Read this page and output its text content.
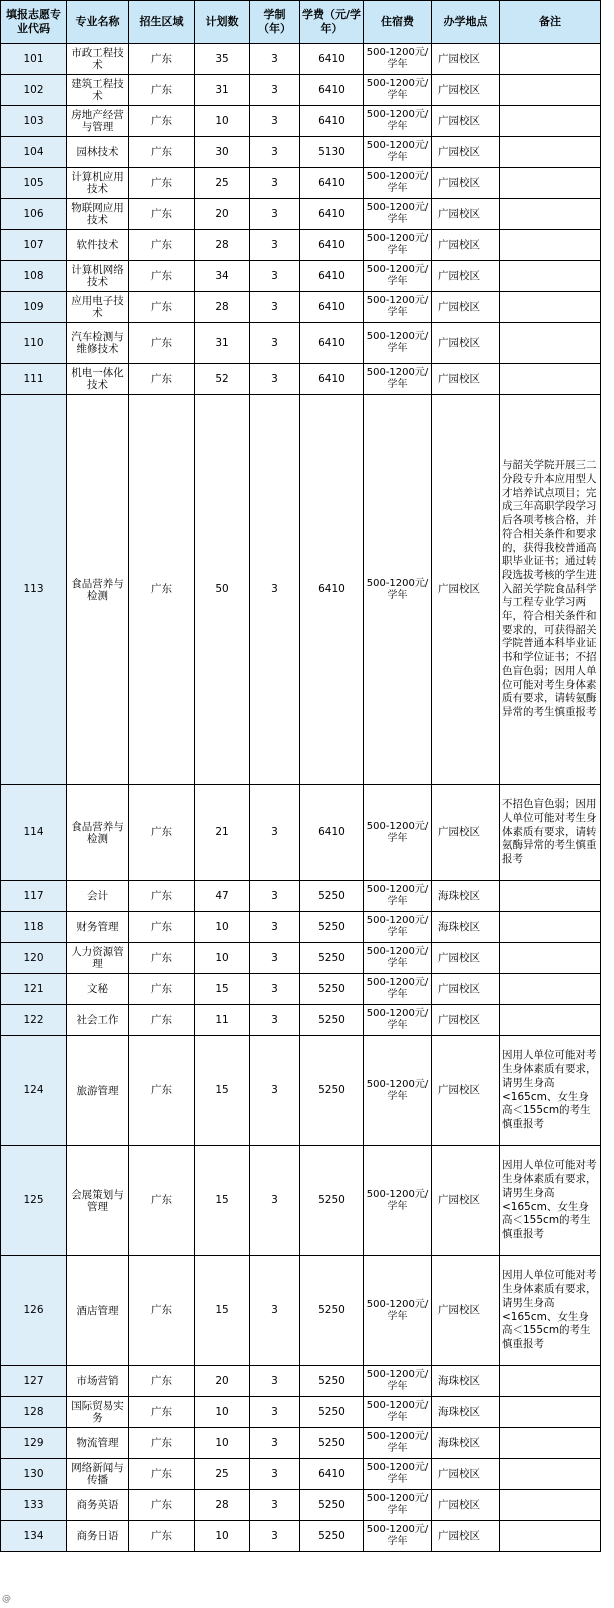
填报志愿专业代码	专业名称	招生区域	计划数	学制（年）	学费（元/学年）	住宿费	办学地点	备注
101	市政工程技术	广东	35	3	6410	500-1200元/学年	广园校区	
102	建筑工程技术	广东	31	3	6410	500-1200元/学年	广园校区	
103	房地产经营与管理	广东	10	3	6410	500-1200元/学年	广园校区	
104	园林技术	广东	30	3	5130	500-1200元/学年	广园校区	
105	计算机应用技术	广东	25	3	6410	500-1200元/学年	广园校区	
106	物联网应用技术	广东	20	3	6410	500-1200元/学年	广园校区	
107	软件技术	广东	28	3	6410	500-1200元/学年	广园校区	
108	计算机网络技术	广东	34	3	6410	500-1200元/学年	广园校区	
109	应用电子技术	广东	28	3	6410	500-1200元/学年	广园校区	
110	汽车检测与维修技术	广东	31	3	6410	500-1200元/学年	广园校区	
111	机电一体化技术	广东	52	3	6410	500-1200元/学年	广园校区	
113	食品营养与检测	广东	50	3	6410	500-1200元/学年	广园校区	与韶关学院开展三二分段专升本应用型人才培养试点项目；完成三年高职学段学习后各项考核合格，并符合相关条件和要求的，获得我校普通高职毕业证书；通过转段选拔考核的学生进入韶关学院食品科学与工程专业学习两年，符合相关条件和要求的，可获得韶关学院普通本科毕业证书和学位证书；不招色盲色弱；因用人单位可能对考生身体素质有要求，请转氨酶异常的考生慎重报考
114	食品营养与检测	广东	21	3	6410	500-1200元/学年	广园校区	不招色盲色弱；因用人单位可能对考生身体素质有要求，请转氨酶异常的考生慎重报考
117	会计	广东	47	3	5250	500-1200元/学年	海珠校区	
118	财务管理	广东	10	3	5250	500-1200元/学年	海珠校区	
120	人力资源管理	广东	10	3	5250	500-1200元/学年	广园校区	
121	文秘	广东	15	3	5250	500-1200元/学年	广园校区	
122	社会工作	广东	11	3	5250	500-1200元/学年	广园校区	
124	旅游管理	广东	15	3	5250	500-1200元/学年	广园校区	因用人单位可能对考生身体素质有要求，请男生身高<165cm、女生身高＜155cm的考生慎重报考
125	会展策划与管理	广东	15	3	5250	500-1200元/学年	广园校区	因用人单位可能对考生身体素质有要求，请男生身高<165cm、女生身高＜155cm的考生慎重报考
126	酒店管理	广东	15	3	5250	500-1200元/学年	广园校区	因用人单位可能对考生身体素质有要求，请男生身高<165cm、女生身高＜155cm的考生慎重报考
127	市场营销	广东	20	3	5250	500-1200元/学年	海珠校区	
128	国际贸易实务	广东	10	3	5250	500-1200元/学年	海珠校区	
129	物流管理	广东	10	3	5250	500-1200元/学年	海珠校区	
130	网络新闻与传播	广东	25	3	6410	500-1200元/学年	广园校区	
133	商务英语	广东	28	3	5250	500-1200元/学年	广园校区	
134	商务日语	广东	10	3	5250	500-1200元/学年	广园校区	
@
